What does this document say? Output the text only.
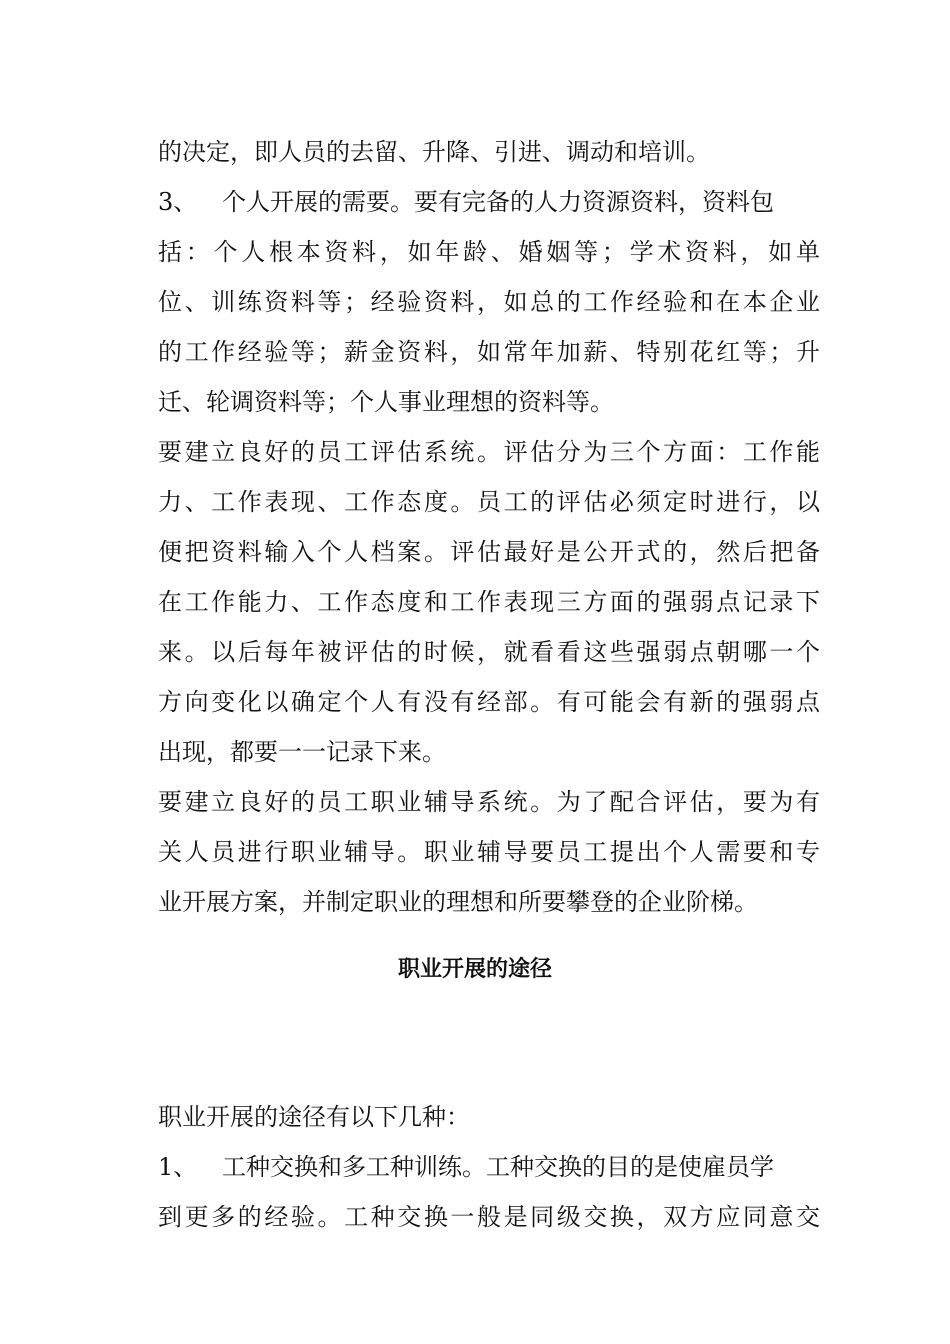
的决定，即人员的去留、升降、引进、调动和培训。
3、 个人开展的需要。要有完备的人力资源资料，资料包
括：个人根本资料，如年龄、婚姻等；学术资料，如单
位、训练资料等；经验资料，如总的工作经验和在本企业
的工作经验等；薪金资料，如常年加薪、特别花红等；升
迁、轮调资料等；个人事业理想的资料等。
要建立良好的员工评估系统。评估分为三个方面：工作能
力、工作表现、工作态度。员工的评估必须定时进行，以
便把资料输入个人档案。评估最好是公开式的，然后把备
在工作能力、工作态度和工作表现三方面的强弱点记录下
来。以后每年被评估的时候，就看看这些强弱点朝哪一个
方向变化以确定个人有没有经部。有可能会有新的强弱点
出现，都要一一记录下来。
要建立良好的员工职业辅导系统。为了配合评估，要为有
关人员进行职业辅导。职业辅导要员工提出个人需要和专
业开展方案，并制定职业的理想和所要攀登的企业阶梯。
职业开展的途径
职业开展的途径有以下几种：
1、 工种交换和多工种训练。工种交换的目的是使雇员学
到更多的经验。工种交换一般是同级交换，双方应同意交
